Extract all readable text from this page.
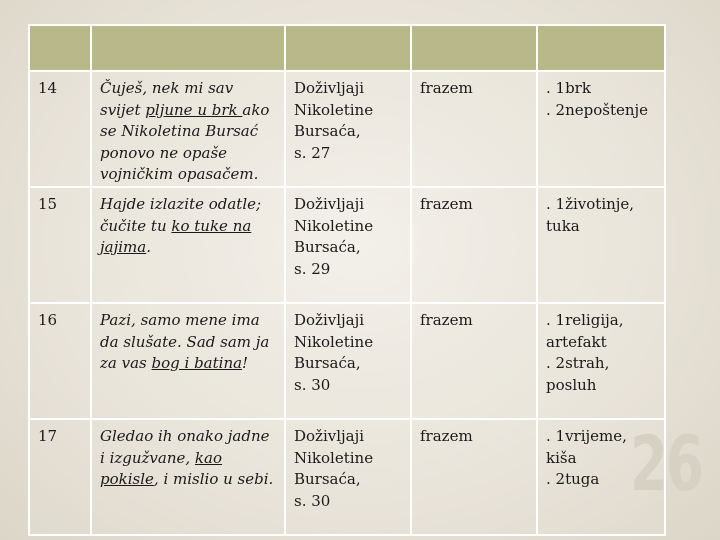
14	Čuješ, nek mi sav svijet pljune u brk ako se Nikoletina Bursać ponovo ne opaše vojničkim opasačem.	Doživljaji
Nikoletine
Bursaća,
s. 27	frazem	. 1brk
. 2nepoštenje

15	Hajde izlazite odatle; čučite tu ko tuke na jajima.	Doživljaji
Nikoletine
Bursaća,
s. 29	frazem	. 1životinje,
tuka

16	Pazi, samo mene ima da slušate. Sad sam ja za vas bog i batina!	Doživljaji
Nikoletine
Bursaća,
s. 30	frazem	. 1religija,
artefakt
. 2strah,
posluh

17	Gledao ih onako jadne i izgužvane, kao pokisle, i mislio u sebi.	Doživljaji
Nikoletine
Bursaća,
s. 30	frazem	. 1vrijeme,
kiša
. 2tuga 26
